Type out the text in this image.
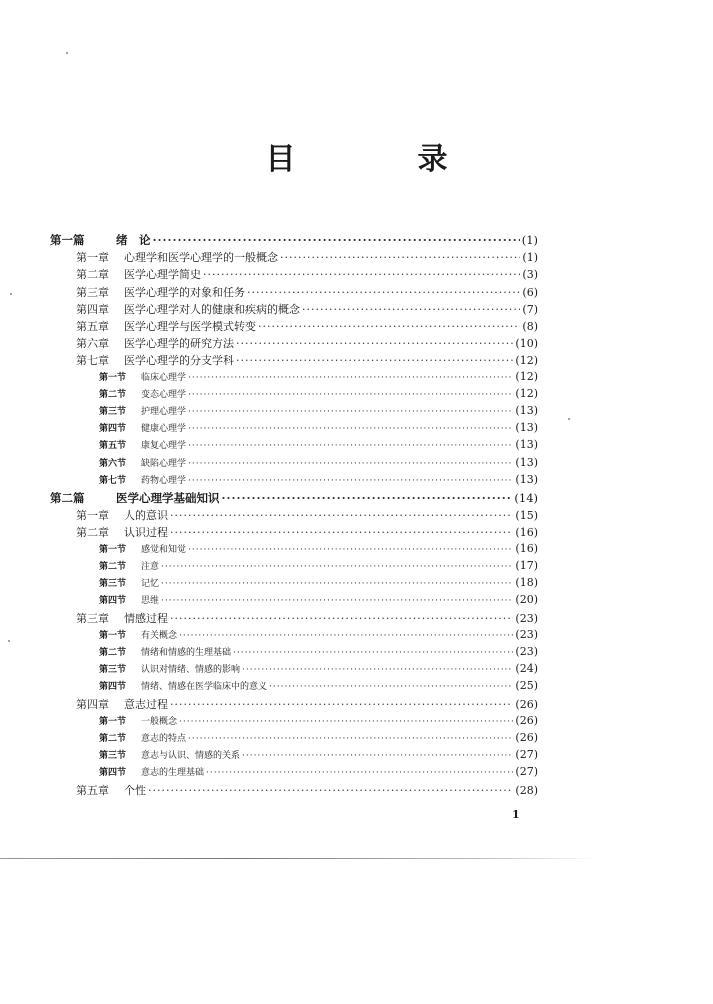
目　录
第一篇	绪　论 ·····	(1)
第一章	心理学和医学心理学的一般概念 ·····	(1)
第二章	医学心理学简史 ·····	(3)
第三章	医学心理学的对象和任务 ·····	(6)
第四章	医学心理学对人的健康和疾病的概念 ·····	(7)
第五章	医学心理学与医学模式转变 ·····	(8)
第六章	医学心理学的研究方法 ·····	(10)
第七章	医学心理学的分支学科 ·····	(12)
第一节	临床心理学 ·····	(12)
第二节	变态心理学 ·····	(12)
第三节	护理心理学 ·····	(13)
第四节	健康心理学 ·····	(13)
第五节	康复心理学 ·····	(13)
第六节	缺陷心理学 ·····	(13)
第七节	药物心理学 ·····	(13)
第二篇	医学心理学基础知识 ·····	(14)
第一章	人的意识 ·····	(15)
第二章	认识过程 ·····	(16)
第一节	感觉和知觉 ·····	(16)
第二节	注意 ·····	(17)
第三节	记忆 ·····	(18)
第四节	思维 ·····	(20)
第三章	情感过程 ·····	(23)
第一节	有关概念 ·····	(23)
第二节	情绪和情感的生理基础 ·····	(23)
第三节	认识对情绪、情感的影响 ·····	(24)
第四节	情绪、情感在医学临床中的意义 ·····	(25)
第四章	意志过程 ·····	(26)
第一节	一般概念 ·····	(26)
第二节	意志的特点 ·····	(26)
第三节	意志与认识、情感的关系 ·····	(27)
第四节	意志的生理基础 ·····	(27)
第五章	个性 ·····	(28)
1
